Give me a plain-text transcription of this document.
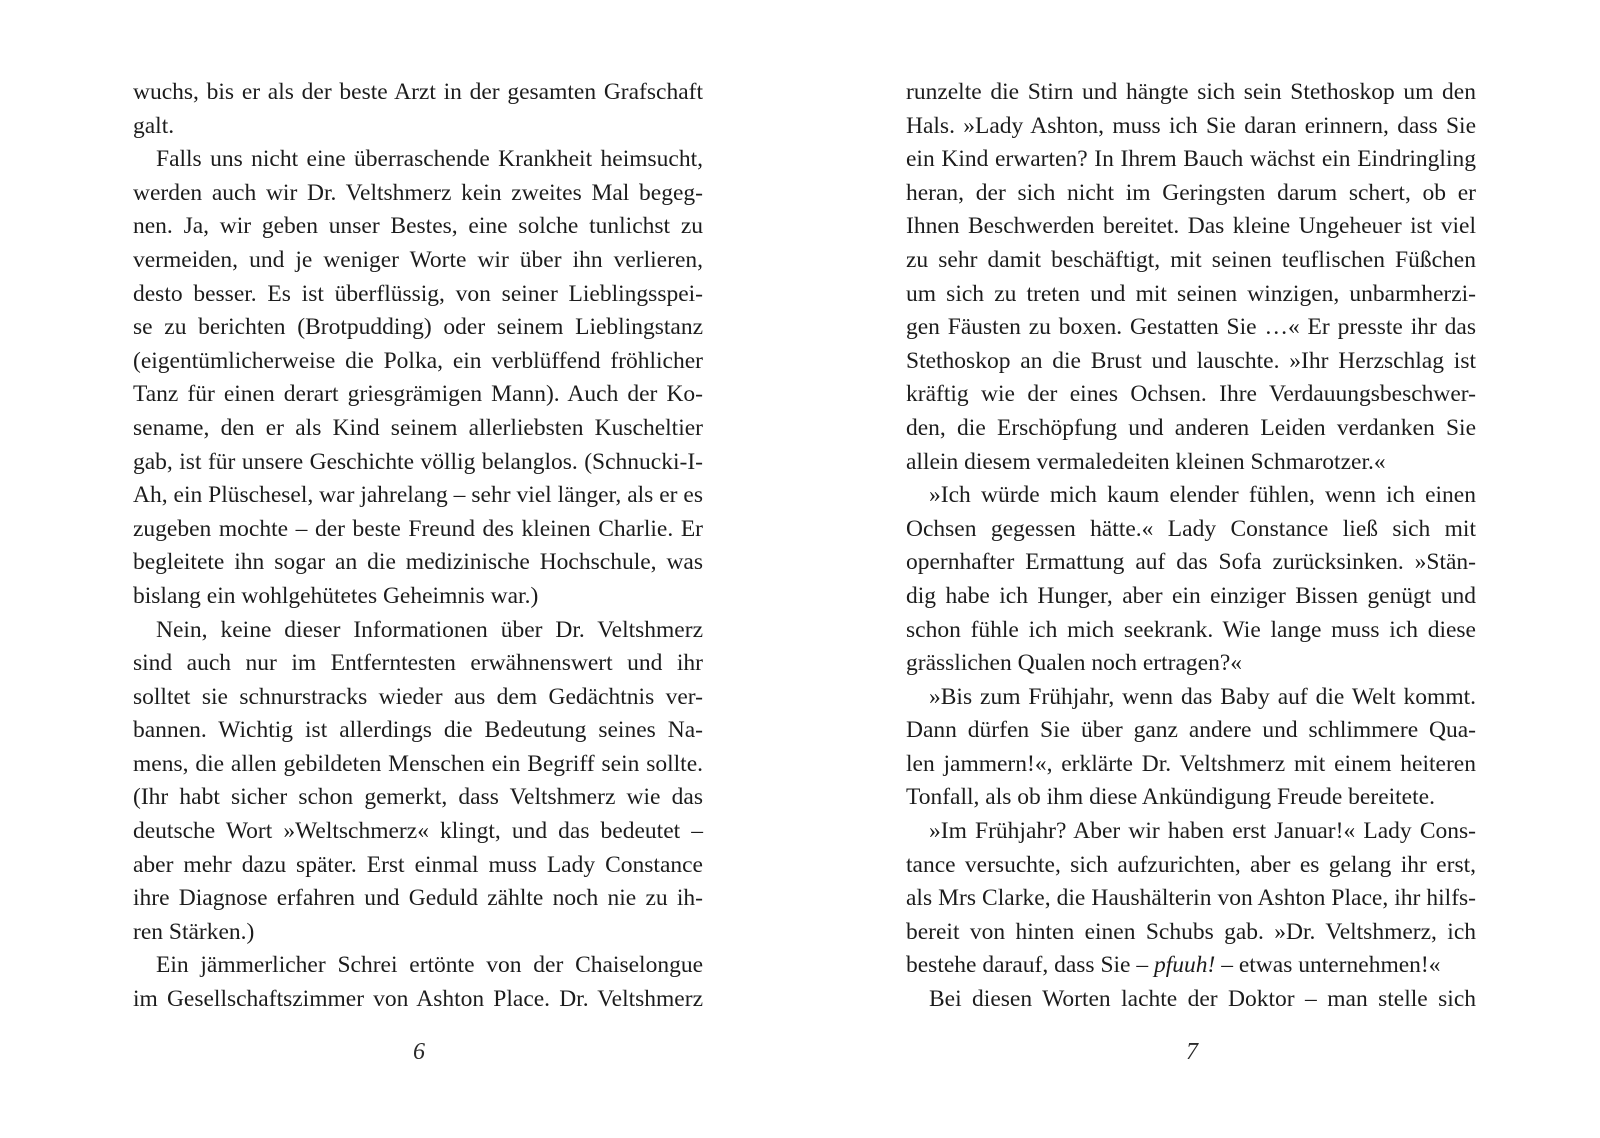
wuchs, bis er als der beste Arzt in der gesamten Grafschaft
galt.
Falls uns nicht eine überraschende Krankheit heimsucht,
werden auch wir Dr. Veltshmerz kein zweites Mal begeg-
nen. Ja, wir geben unser Bestes, eine solche tunlichst zu
vermeiden, und je weniger Worte wir über ihn verlieren,
desto besser. Es ist überflüssig, von seiner Lieblingsspei-
se zu berichten (Brotpudding) oder seinem Lieblingstanz
(eigentümlicherweise die Polka, ein verblüffend fröhlicher
Tanz für einen derart griesgrämigen Mann). Auch der Ko-
sename, den er als Kind seinem allerliebsten Kuscheltier
gab, ist für unsere Geschichte völlig belanglos. (Schnucki-I-
Ah, ein Plüschesel, war jahrelang – sehr viel länger, als er es
zugeben mochte – der beste Freund des kleinen Charlie. Er
begleitete ihn sogar an die medizinische Hochschule, was
bislang ein wohlgehütetes Geheimnis war.)
Nein, keine dieser Informationen über Dr. Veltshmerz
sind auch nur im Entferntesten erwähnenswert und ihr
solltet sie schnurstracks wieder aus dem Gedächtnis ver-
bannen. Wichtig ist allerdings die Bedeutung seines Na-
mens, die allen gebildeten Menschen ein Begriff sein sollte.
(Ihr habt sicher schon gemerkt, dass Veltshmerz wie das
deutsche Wort »Weltschmerz« klingt, und das bedeutet –
aber mehr dazu später. Erst einmal muss Lady Constance
ihre Diagnose erfahren und Geduld zählte noch nie zu ih-
ren Stärken.)
Ein jämmerlicher Schrei ertönte von der Chaiselongue
im Gesellschaftszimmer von Ashton Place. Dr. Veltshmerz
6
runzelte die Stirn und hängte sich sein Stethoskop um den
Hals. »Lady Ashton, muss ich Sie daran erinnern, dass Sie
ein Kind erwarten? In Ihrem Bauch wächst ein Eindringling
heran, der sich nicht im Geringsten darum schert, ob er
Ihnen Beschwerden bereitet. Das kleine Ungeheuer ist viel
zu sehr damit beschäftigt, mit seinen teuflischen Füßchen
um sich zu treten und mit seinen winzigen, unbarmherzi-
gen Fäusten zu boxen. Gestatten Sie …« Er presste ihr das
Stethoskop an die Brust und lauschte. »Ihr Herzschlag ist
kräftig wie der eines Ochsen. Ihre Verdauungsbeschwer-
den, die Erschöpfung und anderen Leiden verdanken Sie
allein diesem vermaledeiten kleinen Schmarotzer.«
»Ich würde mich kaum elender fühlen, wenn ich einen
Ochsen gegessen hätte.« Lady Constance ließ sich mit
opernhafter Ermattung auf das Sofa zurücksinken. »Stän-
dig habe ich Hunger, aber ein einziger Bissen genügt und
schon fühle ich mich seekrank. Wie lange muss ich diese
grässlichen Qualen noch ertragen?«
»Bis zum Frühjahr, wenn das Baby auf die Welt kommt.
Dann dürfen Sie über ganz andere und schlimmere Qua-
len jammern!«, erklärte Dr. Veltshmerz mit einem heiteren
Tonfall, als ob ihm diese Ankündigung Freude bereitete.
»Im Frühjahr? Aber wir haben erst Januar!« Lady Cons-
tance versuchte, sich aufzurichten, aber es gelang ihr erst,
als Mrs Clarke, die Haushälterin von Ashton Place, ihr hilfs-
bereit von hinten einen Schubs gab. »Dr. Veltshmerz, ich
bestehe darauf, dass Sie – pfuuh! – etwas unternehmen!«
Bei diesen Worten lachte der Doktor – man stelle sich
7
